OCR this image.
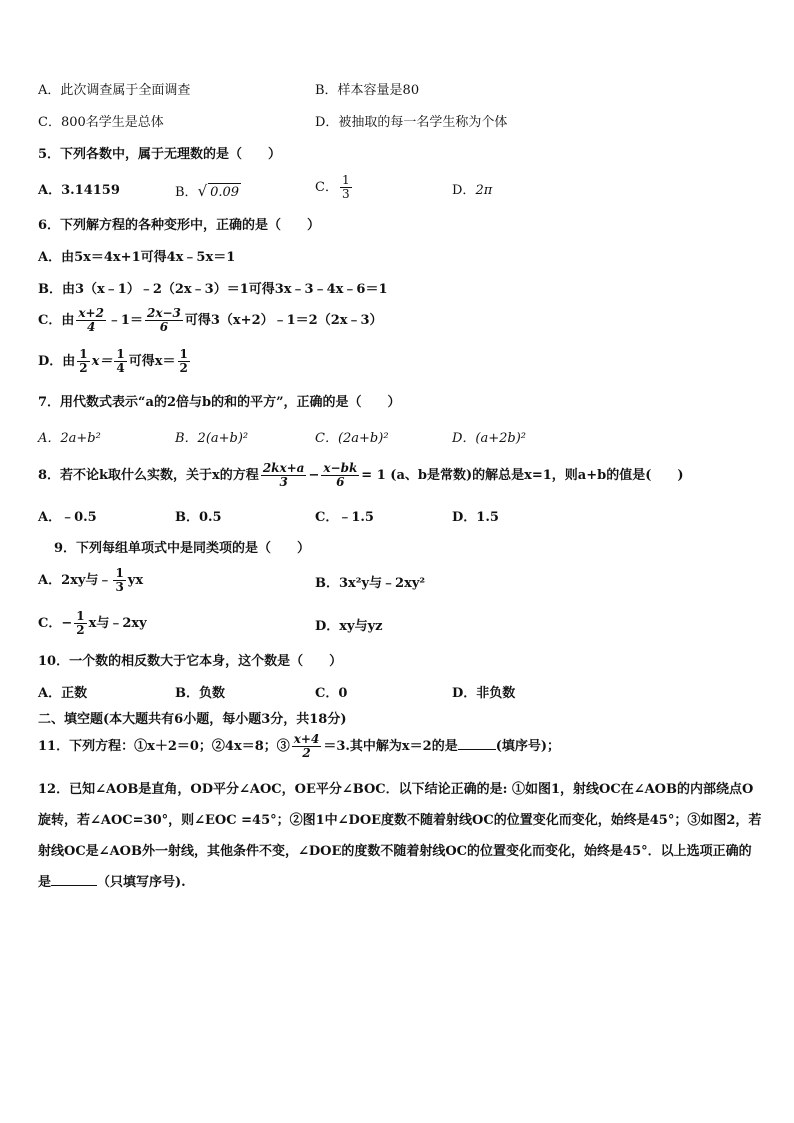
A．此次调查属于全面调查	B．样本容量是80
C．800名学生是总体	D．被抽取的每一名学生称为个体
5．下列各数中，属于无理数的是（　　）
A．3.14159	B．√ 0.09	C． $\frac{1}{3}$	D．2π
6．下列解方程的各种变形中，正确的是（　　）
A．由5x＝4x+1可得4x﹣5x＝1
B．由3（x﹣1）﹣2（2x﹣3）＝1可得3x﹣3﹣4x﹣6＝1
C．由 $\frac{x+2}{4}$ ﹣1＝ $\frac{2x-3}{6}$ 可得3（x+2）﹣1＝2（2x﹣3）
D．由 $\frac{1}{2} x= \frac{1}{4}$ 可得$x= \frac{1}{2}$
7．用代数式表示“a的2倍与b的和的平方”，正确的是（　　）
A．2a+b²	B．2(a+b)²	C．(2a+b)²	D．(a+2b)²
8．若不论k取什么实数，关于x的方程 $\frac{2kx+a}{3} - \frac{x-bk}{6} = 1$ (a、b是常数)的解总是x=1，则a+b的值是(　　)
A．﹣0.5	B．0.5	C．﹣1.5	D．1.5
9．下列每组单项式中是同类项的是（　　）
A．2xy与﹣ $\frac{1}{3}$ yx	B．3x²y与﹣2xy²
C．− $\frac{1}{2}$ x与﹣2xy	D．xy与yz
10．一个数的相反数大于它本身，这个数是（　　）
A．正数	B．负数	C．0	D．非负数
二、填空题(本大题共有6小题，每小题3分，共18分)
11．下列方程：①x＋2＝0；②4x＝8；③ $\frac{x+4}{2} =3$.其中解为x＝2的是	(填序号)；
12．已知∠AOB是直角，OD平分∠AOC，OE平分∠BOC．以下结论正确的是: ①如图1，射线OC在∠AOB的内部绕点O旋转，若∠AOC=30°，则∠EOC =45°；②图1中∠DOE度数不随着射线OC的位置变化而变化，始终是45°；③如图2，若射线OC是∠AOB外一射线，其他条件不变，∠DOE的度数不随着射线OC的位置变化而变化，始终是45°．以上选项正确的是	（只填写序号).
